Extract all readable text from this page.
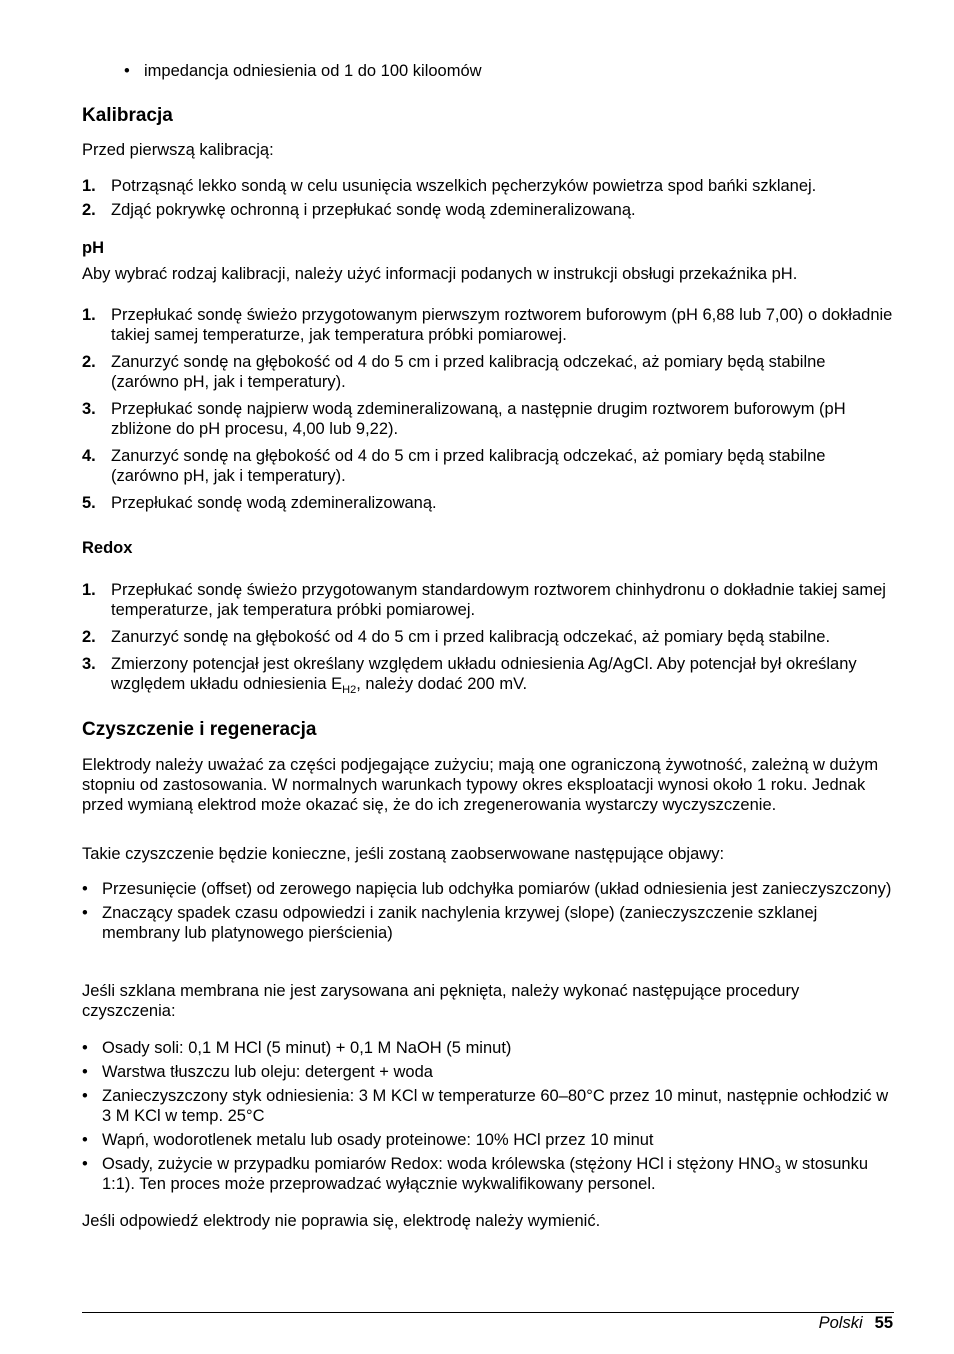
• impedancja odniesienia od 1 do 100 kiloomów
Kalibracja

Przed pierwszą kalibracją:

1. Potrząsnąć lekko sondą w celu usunięcia wszelkich pęcherzyków powietrza spod bańki szklanej.
2. Zdjąć pokrywkę ochronną i przepłukać sondę wodą zdemineralizowaną.
pH

Aby wybrać rodzaj kalibracji, należy użyć informacji podanych w instrukcji obsługi przekaźnika pH.

1. Przepłukać sondę świeżo przygotowanym pierwszym roztworem buforowym (pH 6,88 lub 7,00) o dokładnie takiej samej temperaturze, jak temperatura próbki pomiarowej.
2. Zanurzyć sondę na głębokość od 4 do 5 cm i przed kalibracją odczekać, aż pomiary będą stabilne (zarówno pH, jak i temperatury).
3. Przepłukać sondę najpierw wodą zdemineralizowaną, a następnie drugim roztworem buforowym (pH zbliżone do pH procesu, 4,00 lub 9,22).
4. Zanurzyć sondę na głębokość od 4 do 5 cm i przed kalibracją odczekać, aż pomiary będą stabilne (zarówno pH, jak i temperatury).
5. Przepłukać sondę wodą zdemineralizowaną.
Redox
1. Przepłukać sondę świeżo przygotowanym standardowym roztworem chinhydronu o dokładnie takiej samej temperaturze, jak temperatura próbki pomiarowej.
2. Zanurzyć sondę na głębokość od 4 do 5 cm i przed kalibracją odczekać, aż pomiary będą stabilne.
3. Zmierzony potencjał jest określany względem układu odniesienia Ag/AgCl. Aby potencjał był określany względem układu odniesienia $E_{H2}$, należy dodać 200 mV.
Czyszczenie i regeneracja

Elektrody należy uważać za części podjegające zużyciu; mają one ograniczoną żywotność, zależną w dużym stopniu od zastosowania. W normalnych warunkach typowy okres eksploatacji wynosi około 1 roku. Jednak przed wymianą elektrod może okazać się, że do ich zregenerowania wystarczy wyczyszczenie.

Takie czyszczenie będzie konieczne, jeśli zostaną zaobserwowane następujące objawy:

• Przesunięcie (offset) od zerowego napięcia lub odchyłka pomiarów (układ odniesienia jest zanieczyszczony)
• Znaczący spadek czasu odpowiedzi i zanik nachylenia krzywej (slope) (zanieczyszczenie szklanej membrany lub platynowego pierścienia)

Jeśli szklana membrana nie jest zarysowana ani pęknięta, należy wykonać następujące procedury czyszczenia:

• Osady soli: 0,1 M HCl (5 minut) + 0,1 M NaOH (5 minut)
• Warstwa tłuszczu lub oleju: detergent + woda
• Zanieczyszczony styk odniesienia: 3 M KCl w temperaturze 60–80°C przez 10 minut, następnie ochłodzić w 3 M KCl w temp. 25°C
• Wapń, wodorotlenek metalu lub osady proteinowe: 10% HCl przez 10 minut
• Osady, zużycie w przypadku pomiarów Redox: woda królewska (stężony HCl i stężony $HNO_3$ w stosunku 1:1). Ten proces może przeprowadzać wyłącznie wykwalifikowany personel.

Jeśli odpowiedź elektrody nie poprawia się, elektrodę należy wymienić.

Polski 55
